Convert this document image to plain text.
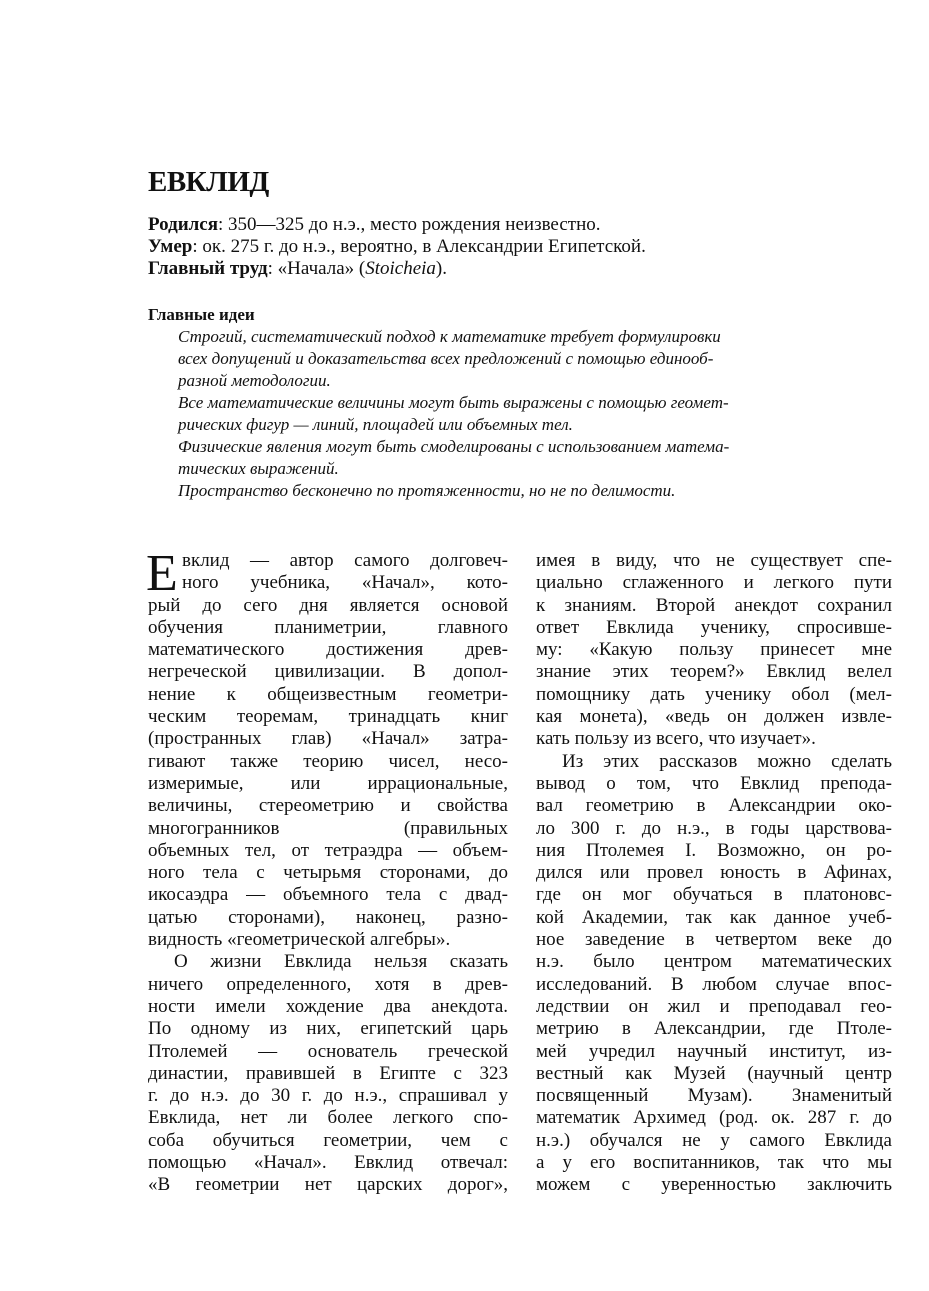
ЕВКЛИД
Родился: 350—325 до н.э., место рождения неизвестно.
Умер: ок. 275 г. до н.э., вероятно, в Александрии Египетской.
Главный труд: «Начала» (Stoicheia).
Главные идеи
Строгий, систематический подход к математике требует формулировки
всех допущений и доказательства всех предложений с помощью единооб-
разной методологии.
Все математические величины могут быть выражены с помощью геомет-
рических фигур — линий, площадей или объемных тел.
Физические явления могут быть смоделированы с использованием матема-
тических выражений.
Пространство бесконечно по протяженности, но не по делимости.
Е вклид — автор самого долговеч-
ного учебника, «Начал», кото-
рый до сего дня является основой
обучения планиметрии, главного
математического достижения древ-
негреческой цивилизации. В допол-
нение к общеизвестным геометри-
ческим теоремам, тринадцать книг
(пространных глав) «Начал» затра-
гивают также теорию чисел, несо-
измеримые, или иррациональные,
величины, стереометрию и свойства
многогранников (правильных
объемных тел, от тетраэдра — объем-
ного тела с четырьмя сторонами, до
икосаэдра — объемного тела с двад-
цатью сторонами), наконец, разно-
видность «геометрической алгебры».
О жизни Евклида нельзя сказать
ничего определенного, хотя в древ-
ности имели хождение два анекдота.
По одному из них, египетский царь
Птолемей — основатель греческой
династии, правившей в Египте с 323
г. до н.э. до 30 г. до н.э., спрашивал у
Евклида, нет ли более легкого спо-
соба обучиться геометрии, чем с
помощью «Начал». Евклид отвечал:
«В геометрии нет царских дорог»,
имея в виду, что не существует спе-
циально сглаженного и легкого пути
к знаниям. Второй анекдот сохранил
ответ Евклида ученику, спросивше-
му: «Какую пользу принесет мне
знание этих теорем?» Евклид велел
помощнику дать ученику обол (мел-
кая монета), «ведь он должен извле-
кать пользу из всего, что изучает».
Из этих рассказов можно сделать
вывод о том, что Евклид препода-
вал геометрию в Александрии око-
ло 300 г. до н.э., в годы царствова-
ния Птолемея I. Возможно, он ро-
дился или провел юность в Афинах,
где он мог обучаться в платоновс-
кой Академии, так как данное учеб-
ное заведение в четвертом веке до
н.э. было центром математических
исследований. В любом случае впос-
ледствии он жил и преподавал гео-
метрию в Александрии, где Птоле-
мей учредил научный институт, из-
вестный как Музей (научный центр
посвященный Музам). Знаменитый
математик Архимед (род. ок. 287 г. до
н.э.) обучался не у самого Евклида
а у его воспитанников, так что мы
можем с уверенностью заключить
